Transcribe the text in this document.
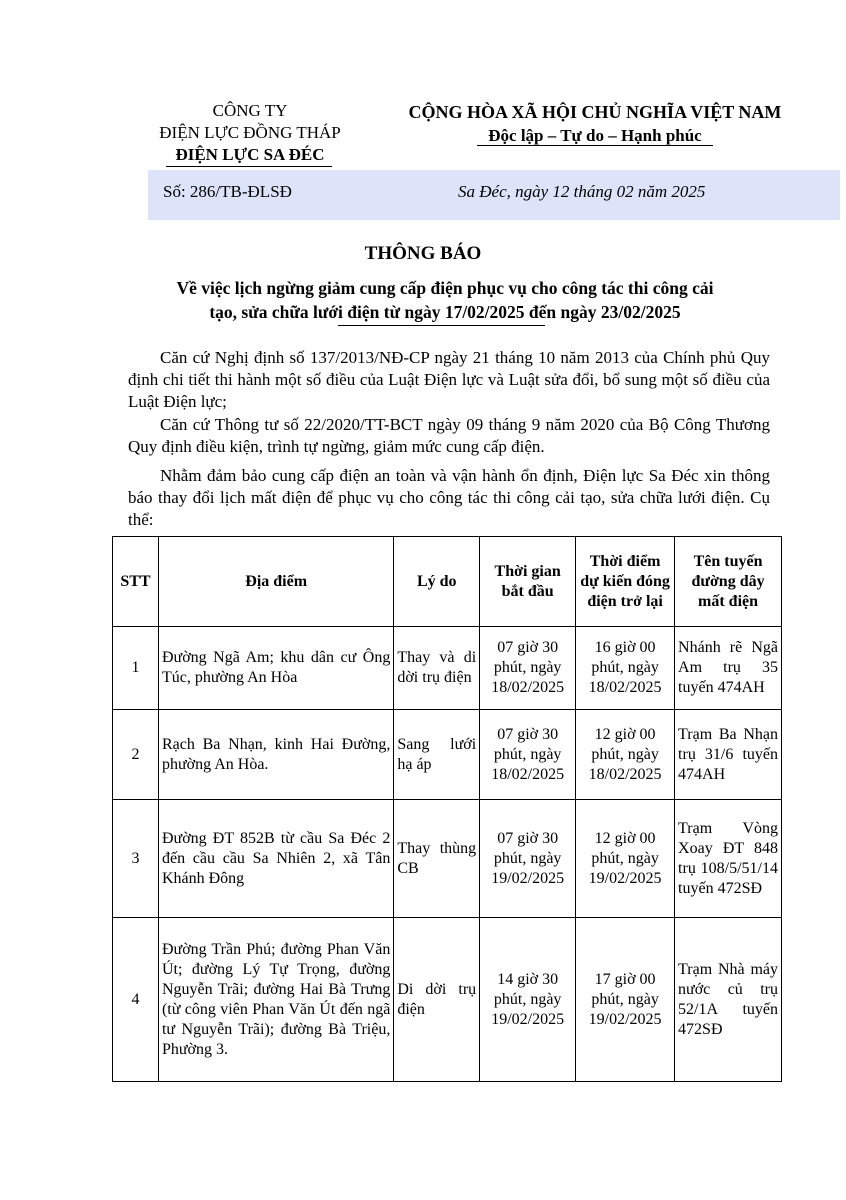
CÔNG TY
ĐIỆN LỰC ĐỒNG THÁP
ĐIỆN LỰC SA ĐÉC
CỘNG HÒA XÃ HỘI CHỦ NGHĨA VIỆT NAM
Độc lập – Tự do – Hạnh phúc
Số: 286/TB-ĐLSĐ	Sa Đéc, ngày 12 tháng 02 năm 2025
THÔNG BÁO
Về việc lịch ngừng giảm cung cấp điện phục vụ cho công tác thi công cải
tạo, sửa chữa lưới điện từ ngày 17/02/2025 đến ngày 23/02/2025

Căn cứ Nghị định số 137/2013/NĐ-CP ngày 21 tháng 10 năm 2013 của Chính phủ Quy định chi tiết thi hành một số điều của Luật Điện lực và Luật sửa đổi, bổ sung một số điều của Luật Điện lực;

Căn cứ Thông tư số 22/2020/TT-BCT ngày 09 tháng 9 năm 2020 của Bộ Công Thương Quy định điều kiện, trình tự ngừng, giảm mức cung cấp điện.

Nhằm đảm bảo cung cấp điện an toàn và vận hành ổn định, Điện lực Sa Đéc xin thông báo thay đổi lịch mất điện để phục vụ cho công tác thi công cải tạo, sửa chữa lưới điện. Cụ thể:

STT	Địa điểm	Lý do	Thời gian bắt đầu	Thời điểm dự kiến đóng điện trở lại	Tên tuyến đường dây mất điện
1	Đường Ngã Am; khu dân cư Ông Túc, phường An Hòa	Thay và di dời trụ điện	07 giờ 30 phút, ngày 18/02/2025	16 giờ 00 phút, ngày 18/02/2025	Nhánh rẽ Ngã Am trụ 35 tuyến 474AH
2	Rạch Ba Nhạn, kinh Hai Đường, phường An Hòa.	Sang lưới hạ áp	07 giờ 30 phút, ngày 18/02/2025	12 giờ 00 phút, ngày 18/02/2025	Trạm Ba Nhạn trụ 31/6 tuyến 474AH
3	Đường ĐT 852B từ cầu Sa Đéc 2 đến cầu cầu Sa Nhiên 2, xã Tân Khánh Đông	Thay thùng CB	07 giờ 30 phút, ngày 19/02/2025	12 giờ 00 phút, ngày 19/02/2025	Trạm Vòng Xoay ĐT 848 trụ 108/5/51/14 tuyến 472SĐ
4	Đường Trần Phú; đường Phan Văn Út; đường Lý Tự Trọng, đường Nguyễn Trãi; đường Hai Bà Trưng (từ công viên Phan Văn Út đến ngã tư Nguyễn Trãi); đường Bà Triệu, Phường 3.	Di dời trụ điện	14 giờ 30 phút, ngày 19/02/2025	17 giờ 00 phút, ngày 19/02/2025	Trạm Nhà máy nước củ trụ 52/1A tuyến 472SĐ
